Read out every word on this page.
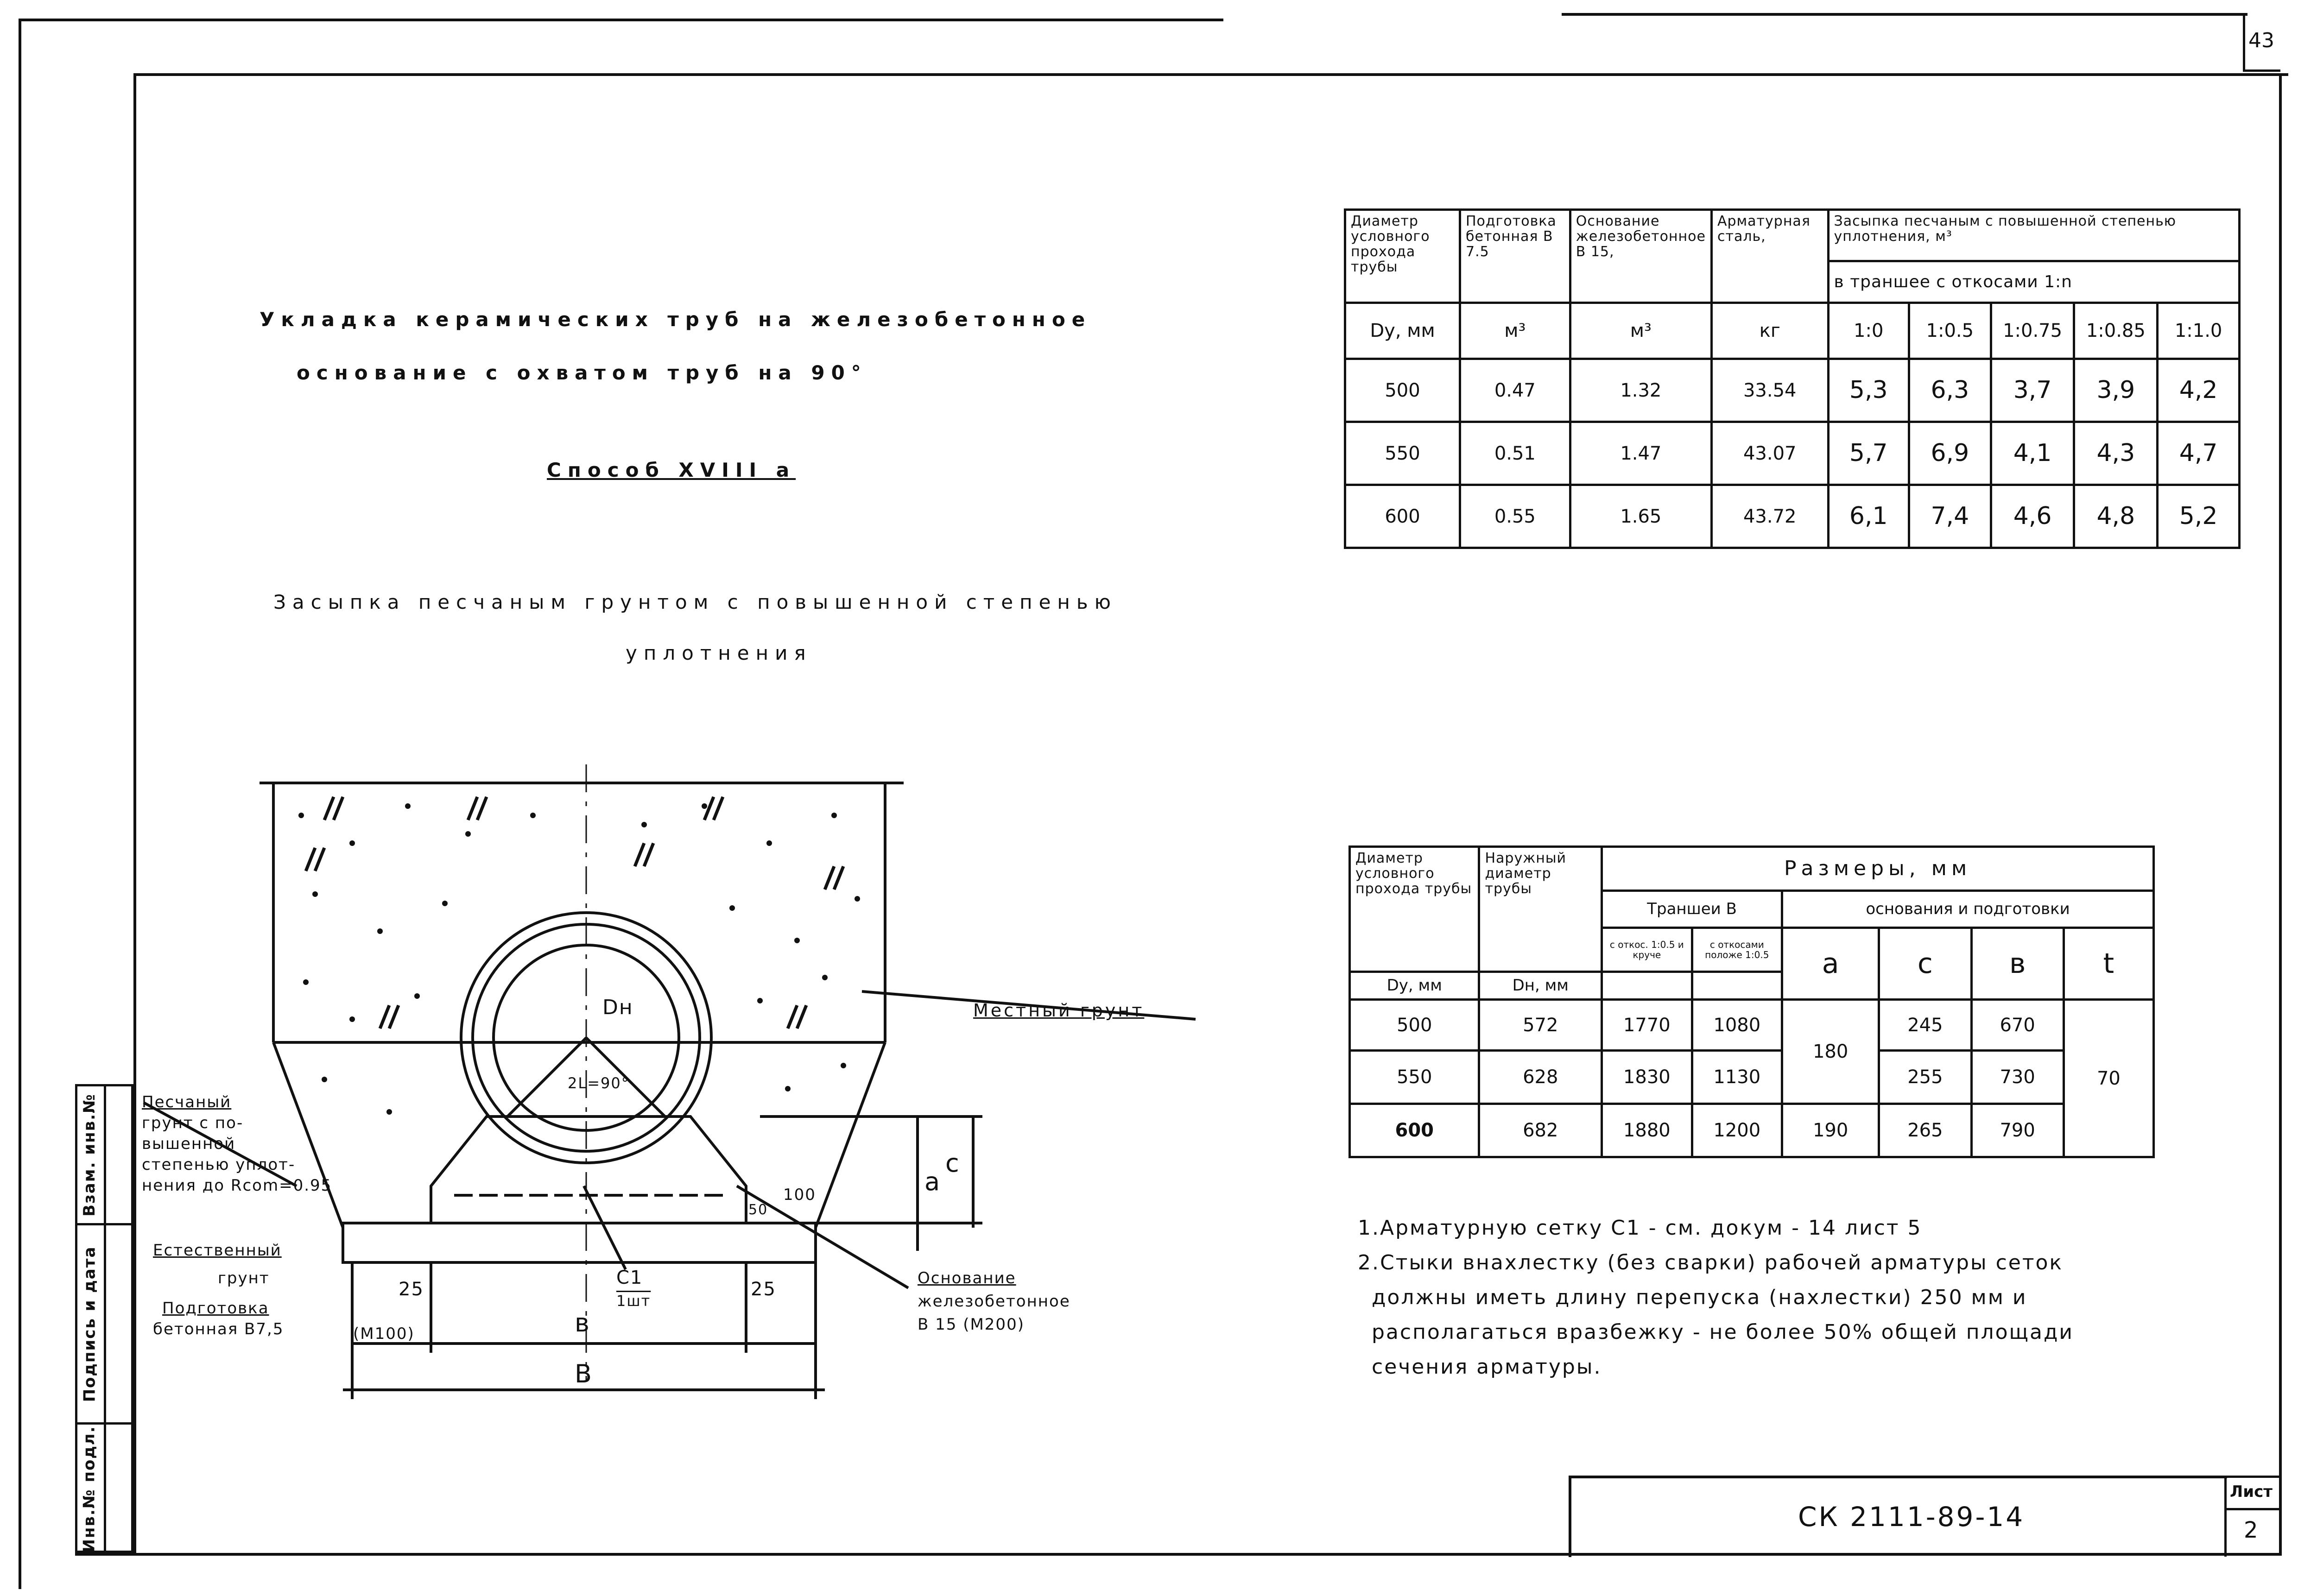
43
Взам. инв.№
Подпись и дата
Инв.№ подл.
Укладка керамических труб на железобетонное
основание с охватом труб на 90°
Способ XVIII а
Засыпка песчаным грунтом с повышенной степенью
уплотнения
Диаметр условного прохода трубы	Подготовка бетонная В 7.5	Основание железобетонное В 15,	Арматурная сталь,	Засыпка песчаным с повышенной степенью уплотнения, м³				
				в траншее с откосами 1:n				
Dу, мм	м³	м³	кг	1:0	1:0.5	1:0.75	1:0.85	1:1.0
500	0.47	1.32	33.54	5,3	6,3	3,7	3,9	4,2
550	0.51	1.47	43.07	5,7	6,9	4,1	4,3	4,7
600	0.55	1.65	43.72	6,1	7,4	4,6	4,8	5,2
Диаметр условного прохода трубы	Наружный диаметр трубы	Размеры, мм					
		Траншеи В		основания и подготовки			
		с откос. 1:0.5 и круче	с откосами положе 1:0.5	a	c	в	t
Dу, мм	Dн, мм						
500	572	1770	1080	180	245	670	70
550	628	1830	1130		255	730	
600	682	1880	1200	190	265	790	
1.Арматурную сетку С1 - см. докум - 14 лист 5
2.Стыки внахлестку (без сварки) рабочей арматуры сеток
должны иметь длину перепуска (нахлестки) 250 мм и
располагаться вразбежку - не более 50% общей площади
сечения арматуры.
СК 2111-89-14
Лист
2
Dн
2L=90°
Местный грунт
Песчаный
грунт с по-
вышенной
степенью уплот-
нения до Rcom=0.95
Естественный
грунт
Подготовка
бетонная В7,5	(М100)
Основание
железобетонное
В 15 (М200)
25	25
50
100	a
c
в
В
С1
1шт
